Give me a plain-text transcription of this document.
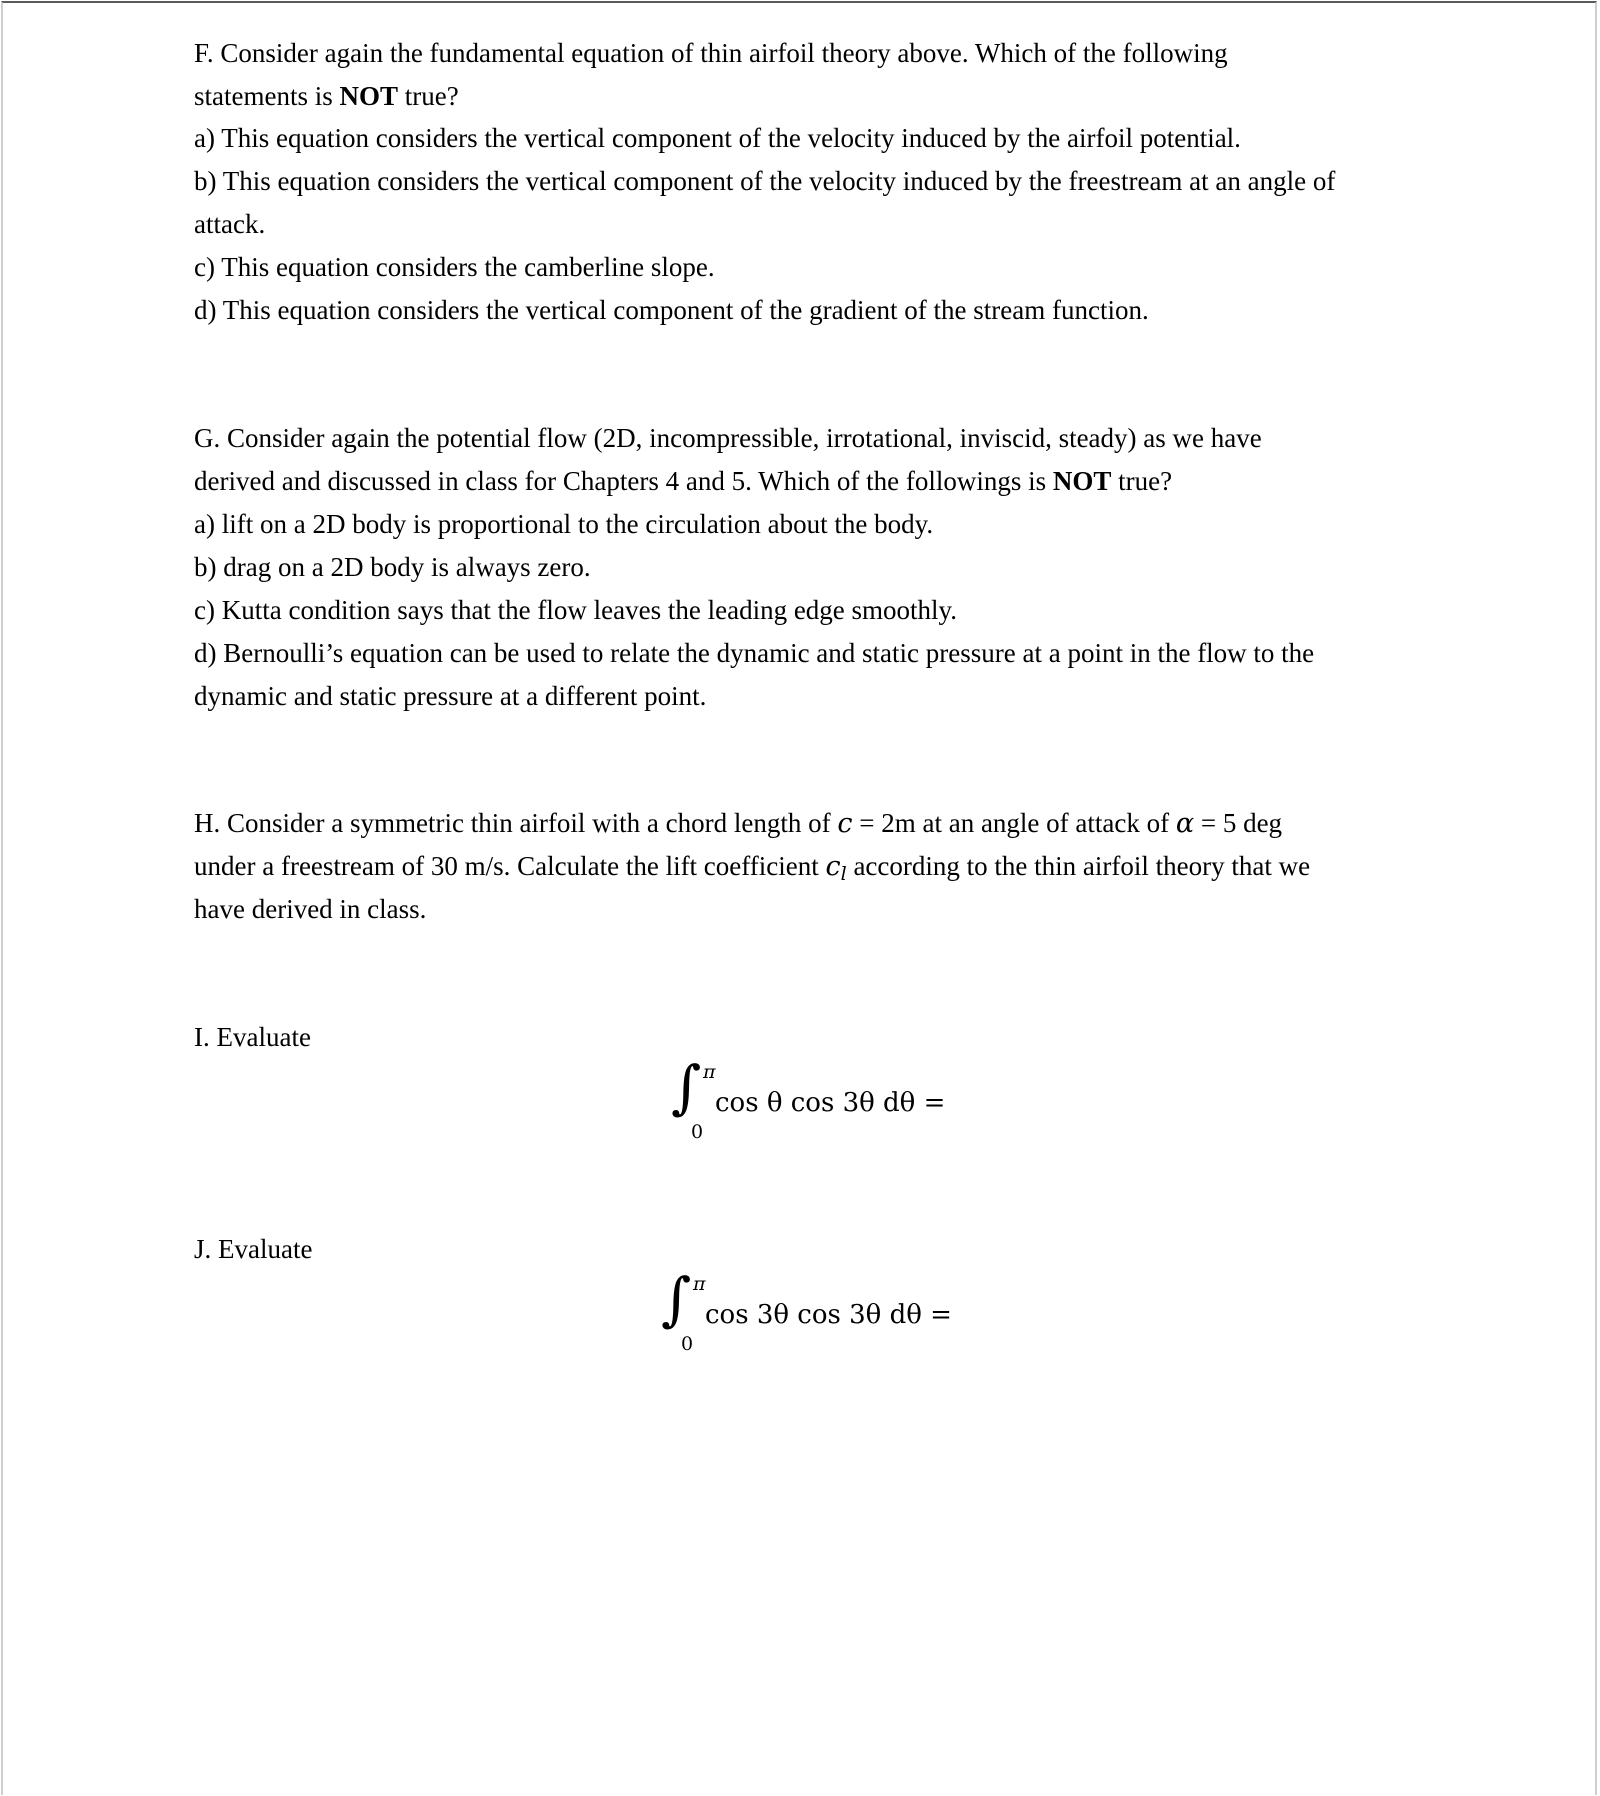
F. Consider again the fundamental equation of thin airfoil theory above. Which of the following
statements is NOT true?
a) This equation considers the vertical component of the velocity induced by the airfoil potential.
b) This equation considers the vertical component of the velocity induced by the freestream at an angle of
attack.
c) This equation considers the camberline slope.
d) This equation considers the vertical component of the gradient of the stream function.
G. Consider again the potential flow (2D, incompressible, irrotational, inviscid, steady) as we have
derived and discussed in class for Chapters 4 and 5. Which of the followings is NOT true?
a) lift on a 2D body is proportional to the circulation about the body.
b) drag on a 2D body is always zero.
c) Kutta condition says that the flow leaves the leading edge smoothly.
d) Bernoulli’s equation can be used to relate the dynamic and static pressure at a point in the flow to the
dynamic and static pressure at a different point.
H. Consider a symmetric thin airfoil with a chord length of c = 2m at an angle of attack of α = 5 deg
under a freestream of 30 m/s. Calculate the lift coefficient $c_l$ according to the thin airfoil theory that we
have derived in class.
I. Evaluate
∫ π
0
cos θ cos 3θ dθ =
J. Evaluate
∫ π
0
cos 3θ cos 3θ dθ =
